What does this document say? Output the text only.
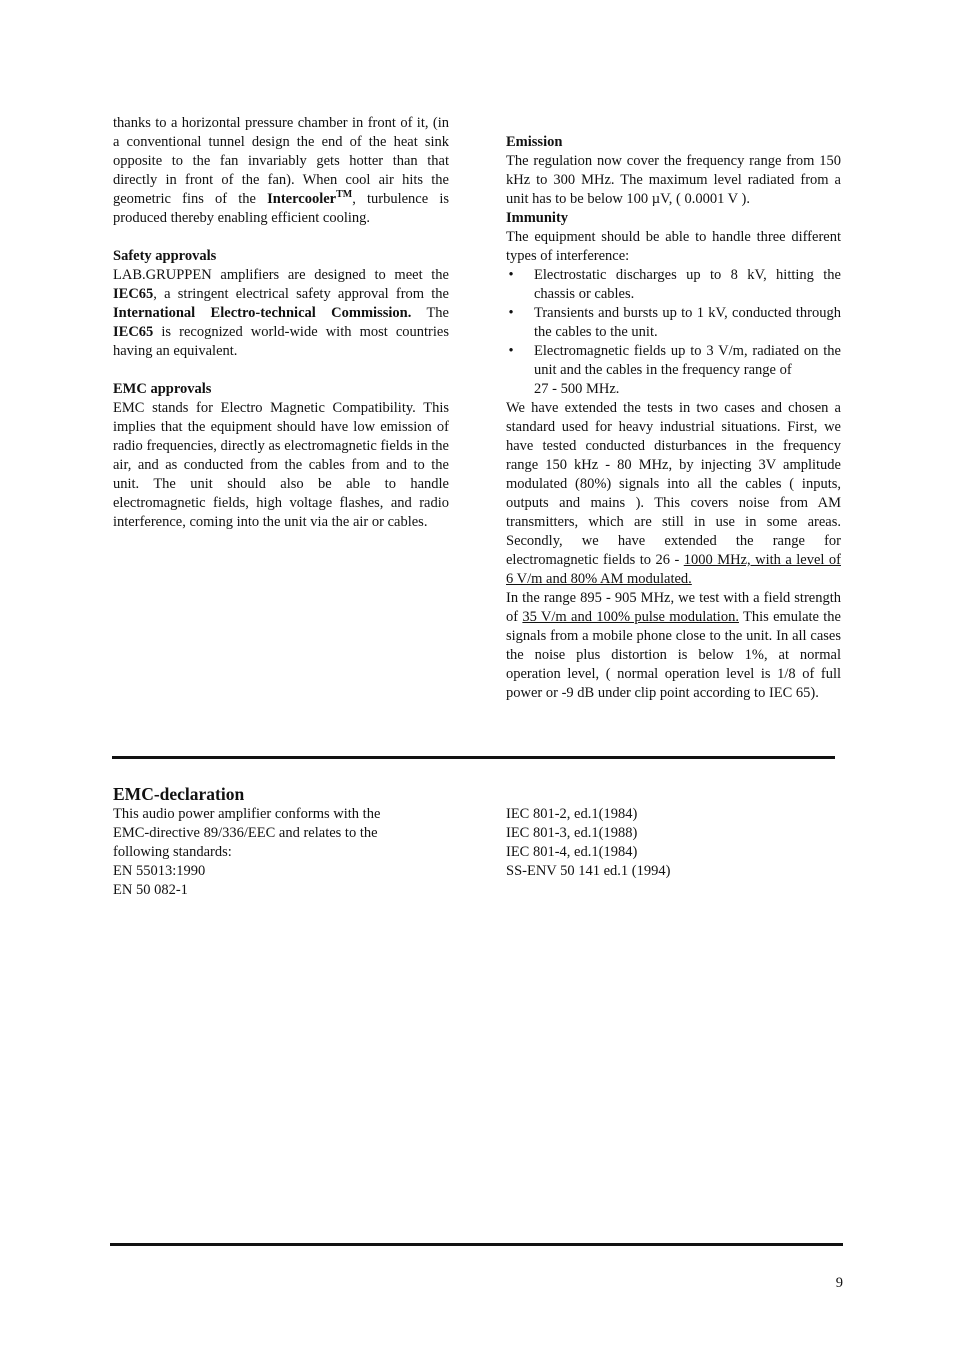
thanks to a horizontal pressure chamber in front of it, (in a conventional tunnel design the end of the heat sink opposite to the fan invariably gets hotter than that directly in front of the fan). When cool air hits the geometric fins of the Intercooler™, turbulence is produced thereby enabling efficient cooling.

Safety approvals

LAB.GRUPPEN amplifiers are designed to meet the IEC65, a stringent electrical safety approval from the International Electro-technical Commission. The IEC65 is recognized world-wide with most countries having an equivalent.

EMC approvals

EMC stands for Electro Magnetic Compatibility. This implies that the equipment should have low emission of radio frequencies, directly as electromagnetic fields in the air, and as conducted from the cables from and to the unit. The unit should also be able to handle electromagnetic fields, high voltage flashes, and radio interference, coming into the unit via the air or cables.

Emission

The regulation now cover the frequency range from 150 kHz to 300 MHz. The maximum level radiated from a unit has to be below 100 µV, ( 0.0001 V ).

Immunity

The equipment should be able to handle three different types of interference:

• Electrostatic discharges up to 8 kV, hitting the chassis or cables.
• Transients and bursts up to 1 kV, conducted through the cables to the unit.
• Electromagnetic fields up to 3 V/m, radiated on the unit and the cables in the frequency range of
27 - 500 MHz.

We have extended the tests in two cases and chosen a standard used for heavy industrial situations. First, we have tested conducted disturbances in the frequency range 150 kHz - 80 MHz, by injecting 3V amplitude modulated (80%) signals into all the cables ( inputs, outputs and mains ). This covers noise from AM transmitters, which are still in use in some areas. Secondly, we have extended the range for electromagnetic fields to 26 - 1000 MHz, with a level of 6 V/m and 80% AM modulated.
In the range 895 - 905 MHz, we test with a field strength of 35 V/m and 100% pulse modulation. This emulate the signals from a mobile phone close to the unit. In all cases the noise plus distortion is below 1%, at normal operation level, ( normal operation level is 1/8 of full power or -9 dB under clip point according to IEC 65).

EMC-declaration
This audio power amplifier conforms with the
EMC-directive 89/336/EEC and relates to the
following standards:
EN 55013:1990
EN 50 082-1
IEC 801-2, ed.1(1984)
IEC 801-3, ed.1(1988)
IEC 801-4, ed.1(1984)
SS-ENV 50 141 ed.1 (1994)
9
